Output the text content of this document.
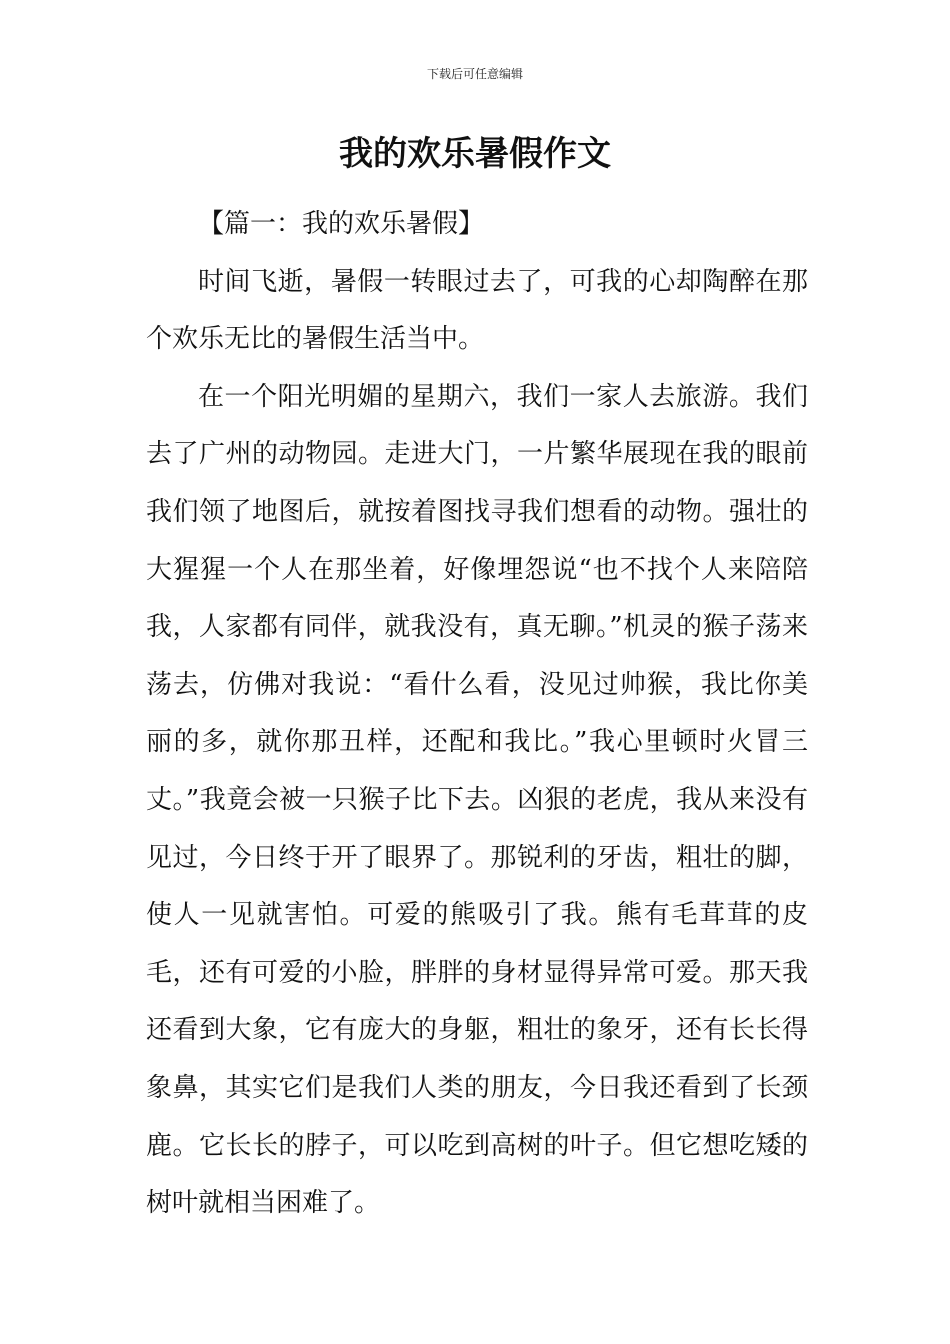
下载后可任意编辑
我的欢乐暑假作文

【篇一：我的欢乐暑假】

时间飞逝，暑假一转眼过去了，可我的心却陶醉在那个欢乐无比的暑假生活当中。

在一个阳光明媚的星期六，我们一家人去旅游。我们去了广州的动物园。走进大门，一片繁华展现在我的眼前我们领了地图后，就按着图找寻我们想看的动物。强壮的大猩猩一个人在那坐着，好像埋怨说“也不找个人来陪陪我，人家都有同伴，就我没有，真无聊。”机灵的猴子荡来荡去，仿佛对我说：“看什么看，没见过帅猴，我比你美丽的多，就你那丑样，还配和我比。”我心里顿时火冒三丈。”我竟会被一只猴子比下去。凶狠的老虎，我从来没有见过，今日终于开了眼界了。那锐利的牙齿，粗壮的脚，使人一见就害怕。可爱的熊吸引了我。熊有毛茸茸的皮毛，还有可爱的小脸，胖胖的身材显得异常可爱。那天我还看到大象，它有庞大的身躯，粗壮的象牙，还有长长得象鼻，其实它们是我们人类的朋友，今日我还看到了长颈鹿。它长长的脖子，可以吃到高树的叶子。但它想吃矮的树叶就相当困难了。
